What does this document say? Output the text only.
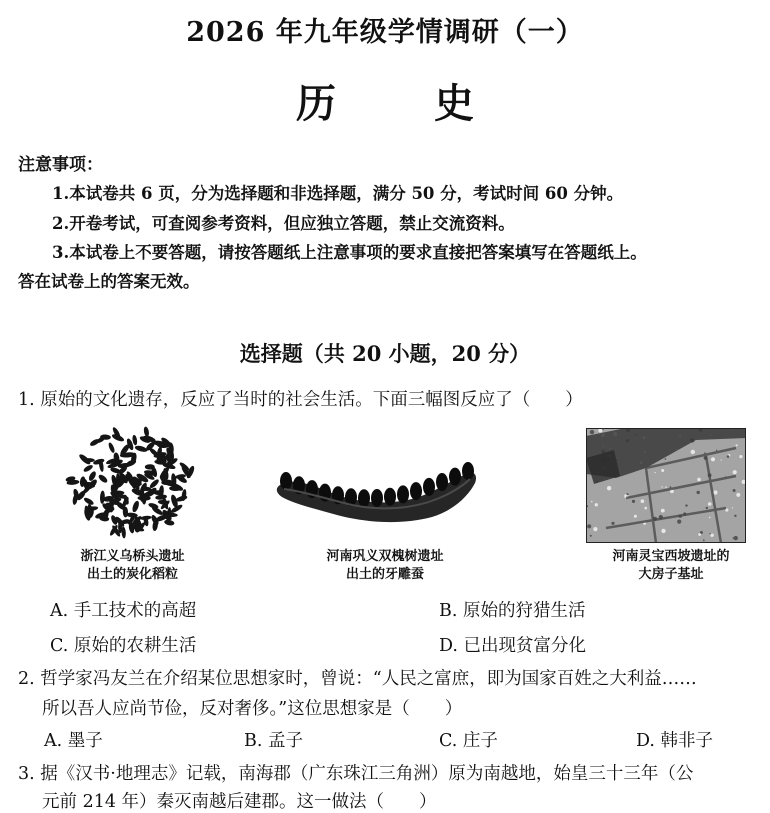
2026 年九年级学情调研（一）
历 史
注意事项：
1.本试卷共 6 页，分为选择题和非选择题，满分 50 分，考试时间 60 分钟。
2.开卷考试，可查阅参考资料，但应独立答题，禁止交流资料。
3.本试卷上不要答题，请按答题纸上注意事项的要求直接把答案填写在答题纸上。
答在试卷上的答案无效。
选择题（共 20 小题，20 分）
1. 原始的文化遗存，反应了当时的社会生活。下面三幅图反应了（　　）
浙江义乌桥头遗址
出土的炭化稻粒
河南巩义双槐树遗址
出土的牙雕蚕
河南灵宝西坡遗址的
大房子基址
A. 手工技术的高超	B. 原始的狩猎生活
C. 原始的农耕生活	D. 已出现贫富分化
2. 哲学家冯友兰在介绍某位思想家时，曾说：“人民之富庶，即为国家百姓之大利益……
所以吾人应尚节俭，反对奢侈。”这位思想家是（　　）
A. 墨子	B. 孟子	C. 庄子	D. 韩非子
3. 据《汉书·地理志》记载，南海郡（广东珠江三角洲）原为南越地，始皇三十三年（公
元前 214 年）秦灭南越后建郡。这一做法（　　）
